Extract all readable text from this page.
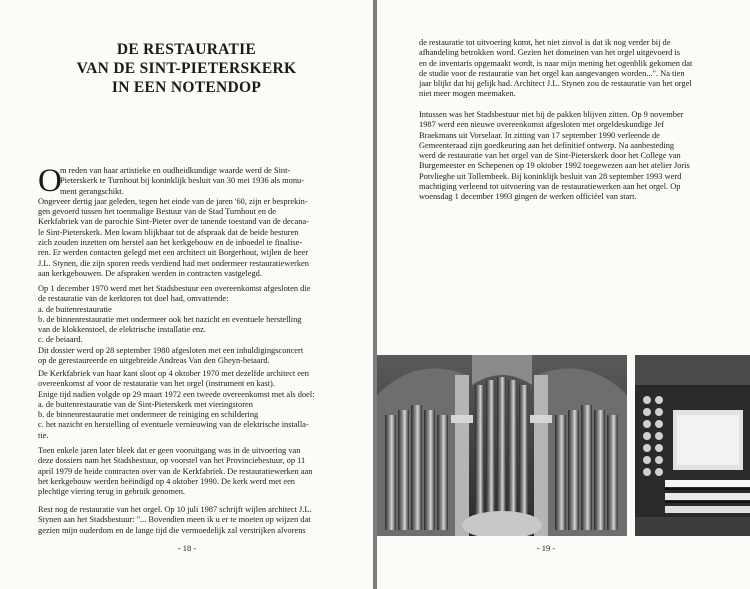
DE RESTAURATIE
VAN DE SINT-PIETERSKERK
IN EEN NOTENDOP
O

m reden van haar artistieke en oudheidkundige waarde werd de Sint-

Pieterskerk te Turnhout bij koninklijk besluit van 30 mei 1936 als monu-

ment gerangschikt.

Ongeveer dertig jaar geleden, tegen het einde van de jaren '60, zijn er besprekin-

gen gevoerd tussen het toenmalige Bestuur van de Stad Turnhout en de

Kerkfabriek van de parochie Sint-Pieter over de tanende toestand van de decana-

le Sint-Pieterskerk. Men kwam blijkbaar tot de afspraak dat de beide besturen

zich zouden inzetten om herstel aan het kerkgebouw en de inboedel te finalise-

ren. Er werden contacten gelegd met een architect uit Borgerhout, wijlen de heer

J.L. Stynen, die zijn sporen reeds verdiend had met ondermeer restauratiewerken

aan kerkgebouwen. De afspraken werden in contracten vastgelegd.

Op 1 december 1970 werd met het Stadsbestuur een overeenkomst afgesloten die

de restauratie van de kerktoren tot doel had, omvattende:

a. de buitenrestauratie

b. de binnenrestauratie met ondermeer ook het nazicht en eventuele herstelling

van de klokkenstoel, de elektrische installatie enz.

c. de beiaard.

Dit dossier werd op 28 september 1980 afgesloten met een inhuldigingsconcert

op de gerestaureerde en uitgebreide Andreas Van den Gheyn-beiaard.

De Kerkfabriek van haar kant sloot op 4 oktober 1970 met dezelfde architect een

overeenkomst af voor de restauratie van het orgel (instrument en kast).

Enige tijd nadien volgde op 29 maart 1972 een tweede overeenkomst met als doel:

a. de buitenrestauratie van de Sint-Pieterskerk met vieringstoren

b. de binnenrestauratie met ondermeer de reiniging en schildering

c. het nazicht en herstelling of eventuele vernieuwing van de elektrische installa-

tie.

Toen enkele jaren later bleek dat er geen vooruitgang was in de uitvoering van

deze dossiers nam het Stadsbestuur, op voorstel van het Provinciebestuur, op 11

april 1979 de beide contracten over van de Kerkfabriek. De restauratiewerken aan

het kerkgebouw werden beëindigd op 4 oktober 1990. De kerk werd met een

plechtige viering terug in gebruik genomen.

Rest nog de restauratie van het orgel. Op 10 juli 1987 schrijft wijlen architect J.L.

Stynen aan het Stadsbestuur: "... Bovendien meen ik u er te moeten op wijzen dat

gezien mijn ouderdom en de lange tijd die vermoedelijk zal verstrijken alvorens

- 18 -

de restauratie tot uitvoering komt, het niet zinvol is dat ik nog verder bij de

afhandeling betrokken word. Gezien het domeinen van het orgel uitgevoerd is

en de inventaris opgemaakt wordt, is naar mijn mening het ogenblik gekomen dat

de studie voor de restauratie van het orgel kan aangevangen worden...". Na tien

jaar blijkt dat hij gelijk had. Architect J.L. Stynen zou de restauratie van het orgel

niet meer mogen meemaken.

Intussen was het Stadsbestuur niet bij de pakken blijven zitten. Op 9 november

1987 werd een nieuwe overeenkomst afgesloten met orgeldeskundige Jef

Braekmans uit Vorselaar. In zitting van 17 september 1990 verleende de

Gemeenteraad zijn goedkeuring aan het definitief ontwerp. Na aanbesteding

werd de restauratie van het orgel van de Sint-Pieterskerk door het College van

Burgemeester en Schepenen op 19 oktober 1992 toegewezen aan het atelier Joris

Potvlieghe uit Tollembeek. Bij koninklijk besluit van 28 september 1993 werd

machtiging verleend tot uitvoering van de restauratiewerken aan het orgel. Op

woensdag 1 december 1993 gingen de werken officiëel van start.

- 19 -
